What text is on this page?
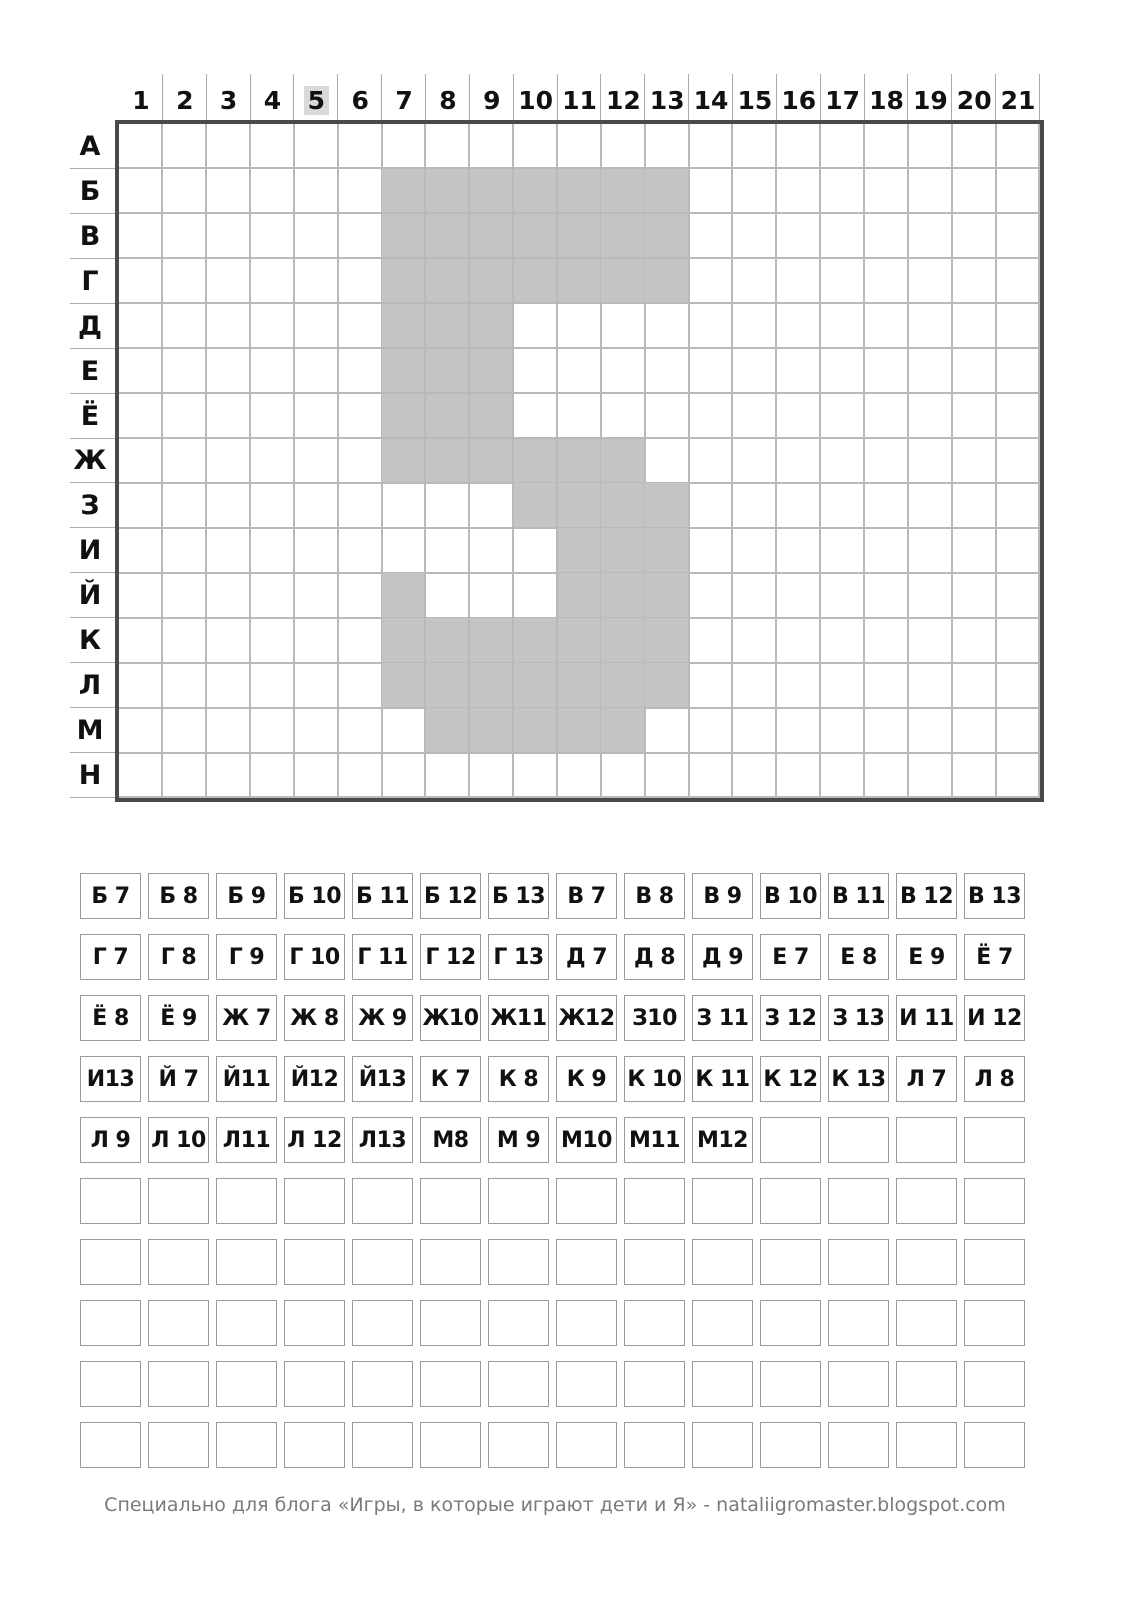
1 2 3 4 5 6 7 8 9 10 11 12 13 14 15 16 17 18 19 20 21
А
Б
В
Г
Д
Е
Ё
Ж
З
И
Й
К
Л
М
Н
Б 7	Б 8	Б 9	Б 10 Б 11 Б 12 Б 13	В 7	В 8	В 9	В 10 В 11 В 12 В 13
Г 7	Г 8	Г 9	Г 10 Г 11 Г 12 Г 13	Д 7	Д 8	Д 9	Е 7	Е 8	Е 9	Ё 7
Ё 8	Ё 9	Ж 7 Ж 8 Ж 9 Ж10 Ж11 Ж12 З10 З 11 З 12 З 13 И 11 И 12
И13	Й 7	Й11 Й12 Й13	К 7	К 8	К 9 К 10 К 11 К 12 К 13 Л 7	Л 8
Л 9 Л 10 Л11 Л 12 Л13	М8	М 9 М10 М11 М12
Специально для блога «Игры, в которые играют дети и Я» - nataliigromaster.blogspot.com
